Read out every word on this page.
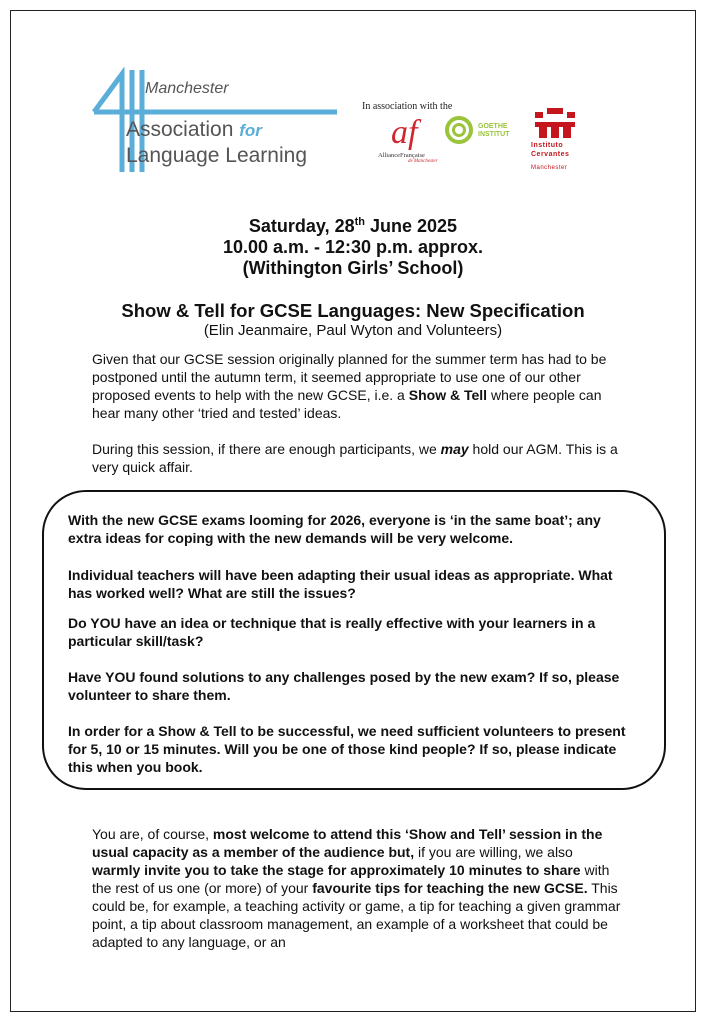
Manchester
Association for
Language Learning
In association with the
af
AllianceFrançaise
de Manchester
GOETHE
INSTITUT
Instituto
Cervantes
Manchester
Saturday, 28th June 2025
10.00 a.m. - 12:30 p.m. approx.
(Withington Girls’ School)
Show & Tell for GCSE Languages: New Specification
(Elin Jeanmaire, Paul Wyton and Volunteers)
Given that our GCSE session originally planned for the summer term has had to be postponed until the autumn term, it seemed appropriate to use one of our other proposed events to help with the new GCSE, i.e. a Show & Tell where people can hear many other ‘tried and tested’ ideas.
During this session, if there are enough participants, we may hold our AGM. This is a very quick affair.
With the new GCSE exams looming for 2026, everyone is ‘in the same boat’; any extra ideas for coping with the new demands will be very welcome.
Individual teachers will have been adapting their usual ideas as appropriate. What has worked well? What are still the issues?
Do YOU have an idea or technique that is really effective with your learners in a particular skill/task?
Have YOU found solutions to any challenges posed by the new exam? If so, please volunteer to share them.
In order for a Show & Tell to be successful, we need sufficient volunteers to present for 5, 10 or 15 minutes. Will you be one of those kind people? If so, please indicate this when you book.
You are, of course, most welcome to attend this ‘Show and Tell’ session in the usual capacity as a member of the audience but, if you are willing, we also warmly invite you to take the stage for approximately 10 minutes to share with the rest of us one (or more) of your favourite tips for teaching the new GCSE. This could be, for example, a teaching activity or game, a tip for teaching a given grammar point, a tip about classroom management, an example of a worksheet that could be adapted to any language, or an
